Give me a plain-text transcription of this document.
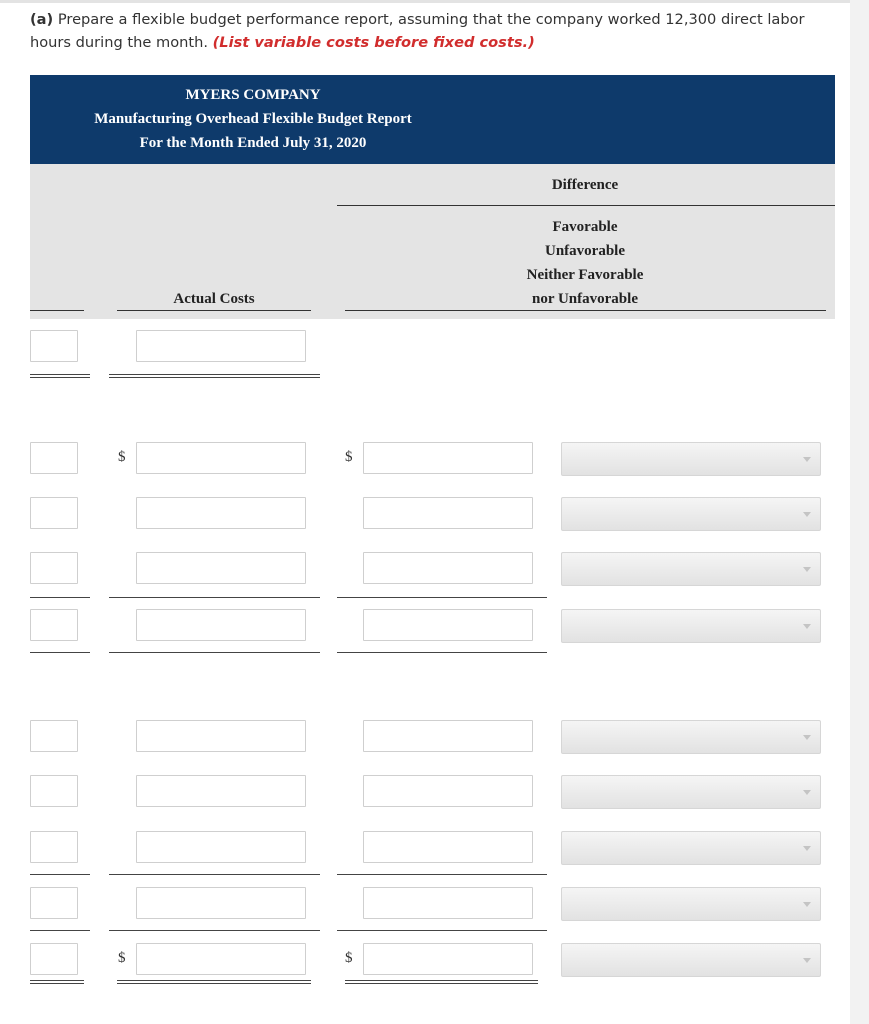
(a) Prepare a flexible budget performance report, assuming that the company worked 12,300 direct labor hours during the month. (List variable costs before fixed costs.)
MYERS COMPANY
Manufacturing Overhead Flexible Budget Report
For the Month Ended July 31, 2020
Difference
Favorable
Unfavorable
Neither Favorable
nor Unfavorable
Actual Costs
$	$
$	$
